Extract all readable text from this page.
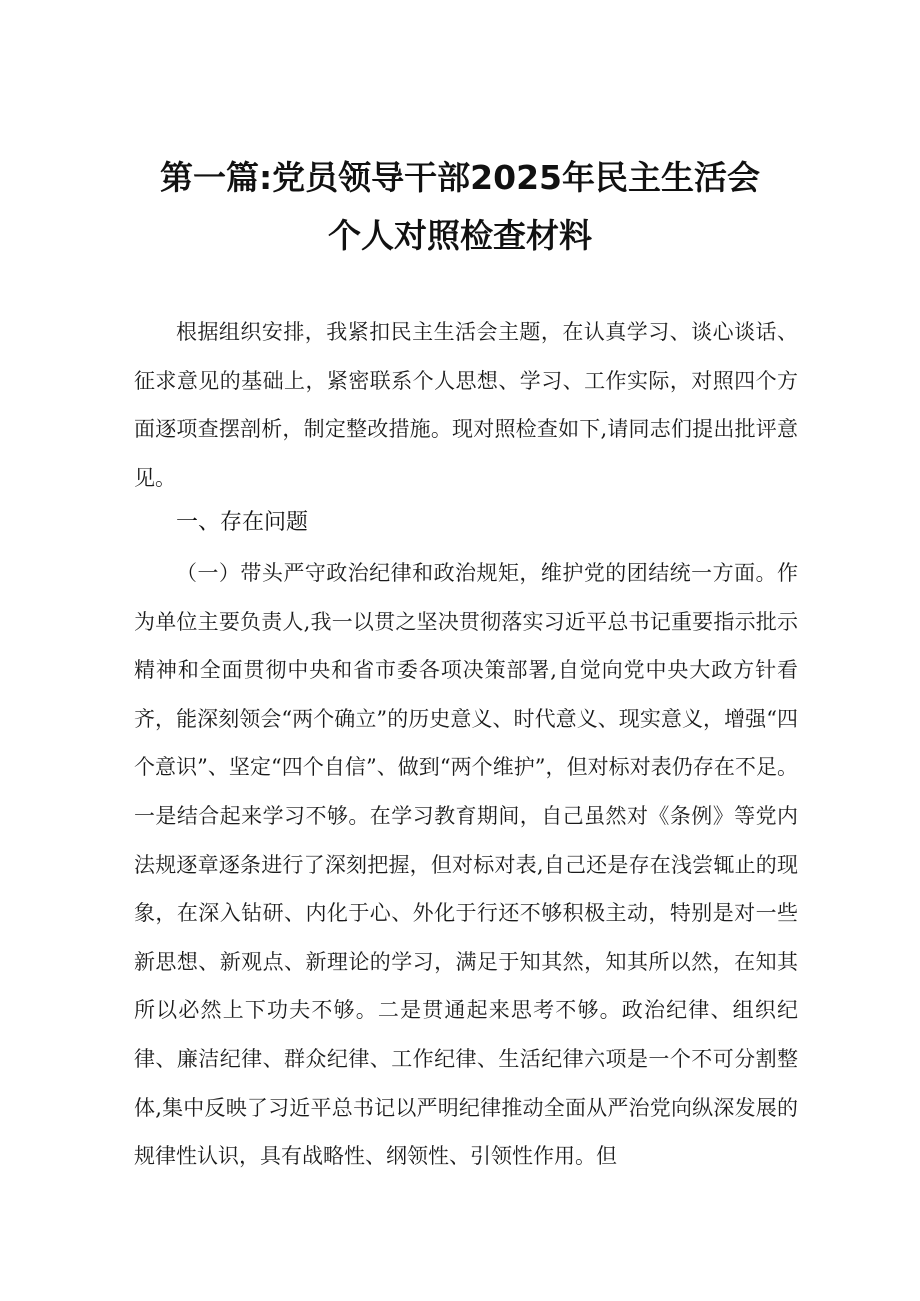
第一篇:党员领导干部2025年民主生活会
个人对照检查材料

根据组织安排，我紧扣民主生活会主题，在认真学习、谈心谈话、征求意见的基础上，紧密联系个人思想、学习、工作实际，对照四个方面逐项查摆剖析，制定整改措施。现对照检查如下,请同志们提出批评意见。

一、存在问题

（一）带头严守政治纪律和政治规矩，维护党的团结统一方面。作为单位主要负责人,我一以贯之坚决贯彻落实习近平总书记重要指示批示精神和全面贯彻中央和省市委各项决策部署,自觉向党中央大政方针看齐，能深刻领会“两个确立”的历史意义、时代意义、现实意义，增强“四个意识”、坚定“四个自信”、做到“两个维护”，但对标对表仍存在不足。一是结合起来学习不够。在学习教育期间，自己虽然对《条例》等党内法规逐章逐条进行了深刻把握，但对标对表,自己还是存在浅尝辄止的现象，在深入钻研、内化于心、外化于行还不够积极主动，特别是对一些新思想、新观点、新理论的学习，满足于知其然，知其所以然，在知其所以必然上下功夫不够。二是贯通起来思考不够。政治纪律、组织纪律、廉洁纪律、群众纪律、工作纪律、生活纪律六项是一个不可分割整体,集中反映了习近平总书记以严明纪律推动全面从严治党向纵深发展的规律性认识，具有战略性、纲领性、引领性作用。但
